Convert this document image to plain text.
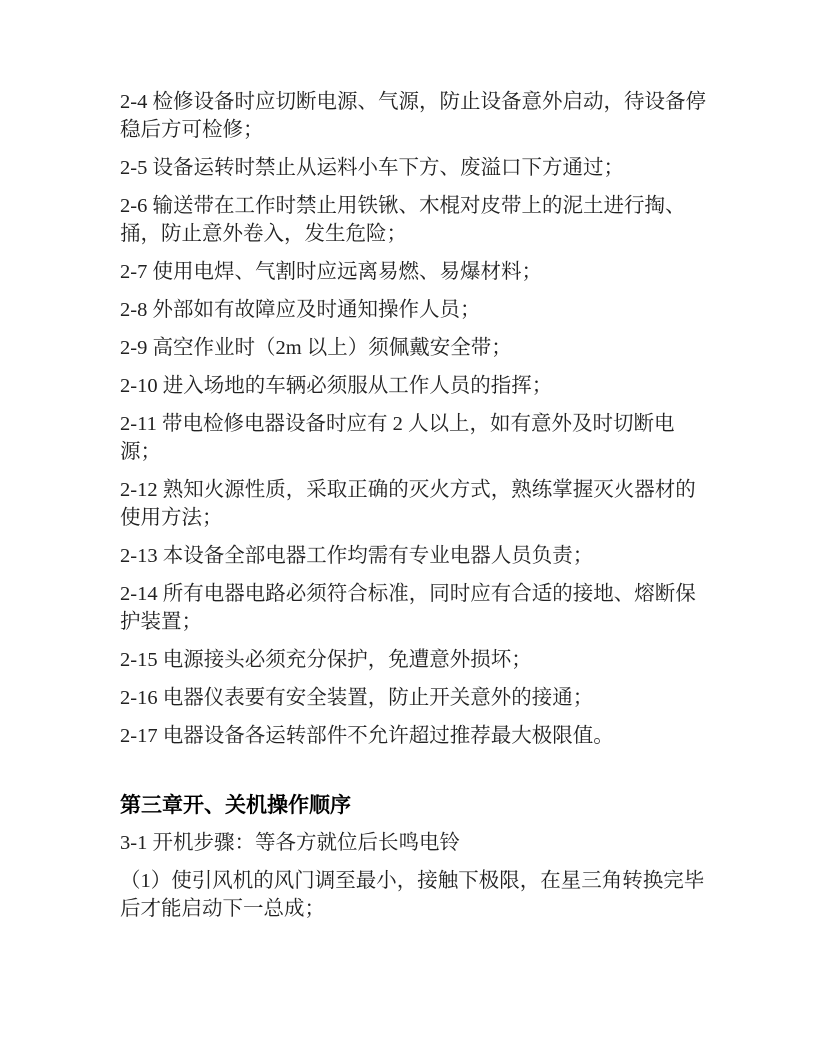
2-4 检修设备时应切断电源、气源，防止设备意外启动，待设备停
稳后方可检修；

2-5 设备运转时禁止从运料小车下方、废溢口下方通过；

2-6 输送带在工作时禁止用铁锹、木棍对皮带上的泥土进行掏、
捅，防止意外卷入，发生危险；

2-7 使用电焊、气割时应远离易燃、易爆材料；

2-8 外部如有故障应及时通知操作人员；

2-9 高空作业时（2m 以上）须佩戴安全带；

2-10 进入场地的车辆必须服从工作人员的指挥；

2-11 带电检修电器设备时应有 2 人以上，如有意外及时切断电
源；

2-12 熟知火源性质，采取正确的灭火方式，熟练掌握灭火器材的
使用方法；

2-13 本设备全部电器工作均需有专业电器人员负责；

2-14 所有电器电路必须符合标准，同时应有合适的接地、熔断保
护装置；

2-15 电源接头必须充分保护，免遭意外损坏；

2-16 电器仪表要有安全装置，防止开关意外的接通；

2-17 电器设备各运转部件不允许超过推荐最大极限值。

第三章开、关机操作顺序

3-1 开机步骤：等各方就位后长鸣电铃

（1）使引风机的风门调至最小，接触下极限，在星三角转换完毕
后才能启动下一总成；
